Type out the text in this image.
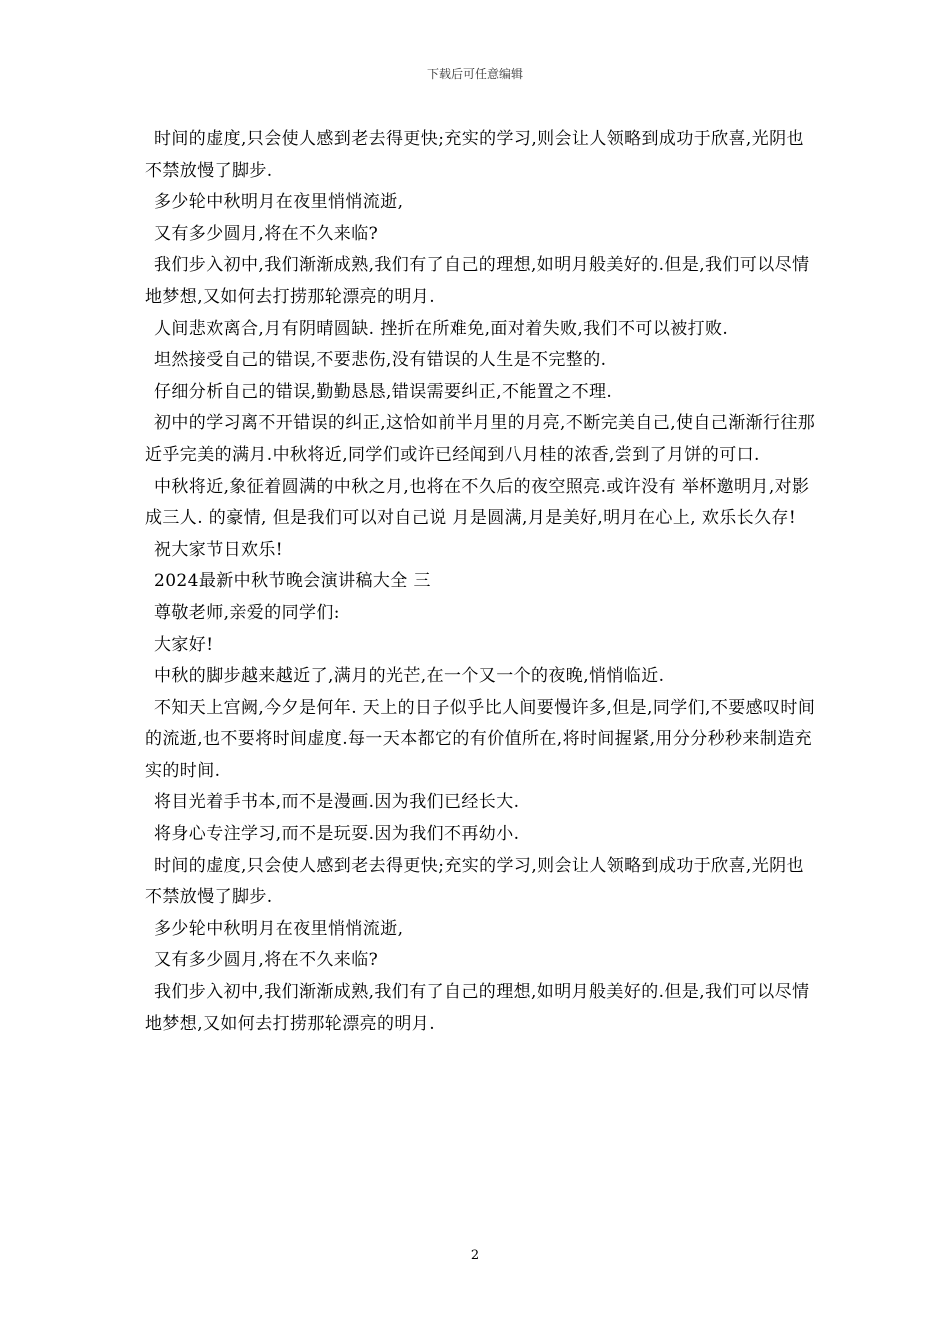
下载后可任意编辑

时间的虚度,只会使人感到老去得更快;充实的学习,则会让人领略到成功于欣喜,光阴也不禁放慢了脚步.

多少轮中秋明月在夜里悄悄流逝,

又有多少圆月,将在不久来临?

我们步入初中,我们渐渐成熟,我们有了自己的理想,如明月般美好的.但是,我们可以尽情地梦想,又如何去打捞那轮漂亮的明月.

人间悲欢离合,月有阴晴圆缺. 挫折在所难免,面对着失败,我们不可以被打败.

坦然接受自己的错误,不要悲伤,没有错误的人生是不完整的.

仔细分析自己的错误,勤勤恳恳,错误需要纠正,不能置之不理.

初中的学习离不开错误的纠正,这恰如前半月里的月亮,不断完美自己,使自己渐渐行往那近乎完美的满月.中秋将近,同学们或许已经闻到八月桂的浓香,尝到了月饼的可口.

中秋将近,象征着圆满的中秋之月,也将在不久后的夜空照亮.或许没有 举杯邀明月,对影成三人. 的豪情, 但是我们可以对自己说 月是圆满,月是美好,明月在心上, 欢乐长久存!

祝大家节日欢乐!

2024最新中秋节晚会演讲稿大全 三

尊敬老师,亲爱的同学们:

大家好!

中秋的脚步越来越近了,满月的光芒,在一个又一个的夜晚,悄悄临近.

不知天上宫阙,今夕是何年. 天上的日子似乎比人间要慢许多,但是,同学们,不要感叹时间的流逝,也不要将时间虚度.每一天本都它的有价值所在,将时间握紧,用分分秒秒来制造充实的时间.

将目光着手书本,而不是漫画.因为我们已经长大.

将身心专注学习,而不是玩耍.因为我们不再幼小.

时间的虚度,只会使人感到老去得更快;充实的学习,则会让人领略到成功于欣喜,光阴也不禁放慢了脚步.

多少轮中秋明月在夜里悄悄流逝,

又有多少圆月,将在不久来临?

我们步入初中,我们渐渐成熟,我们有了自己的理想,如明月般美好的.但是,我们可以尽情地梦想,又如何去打捞那轮漂亮的明月.

2
